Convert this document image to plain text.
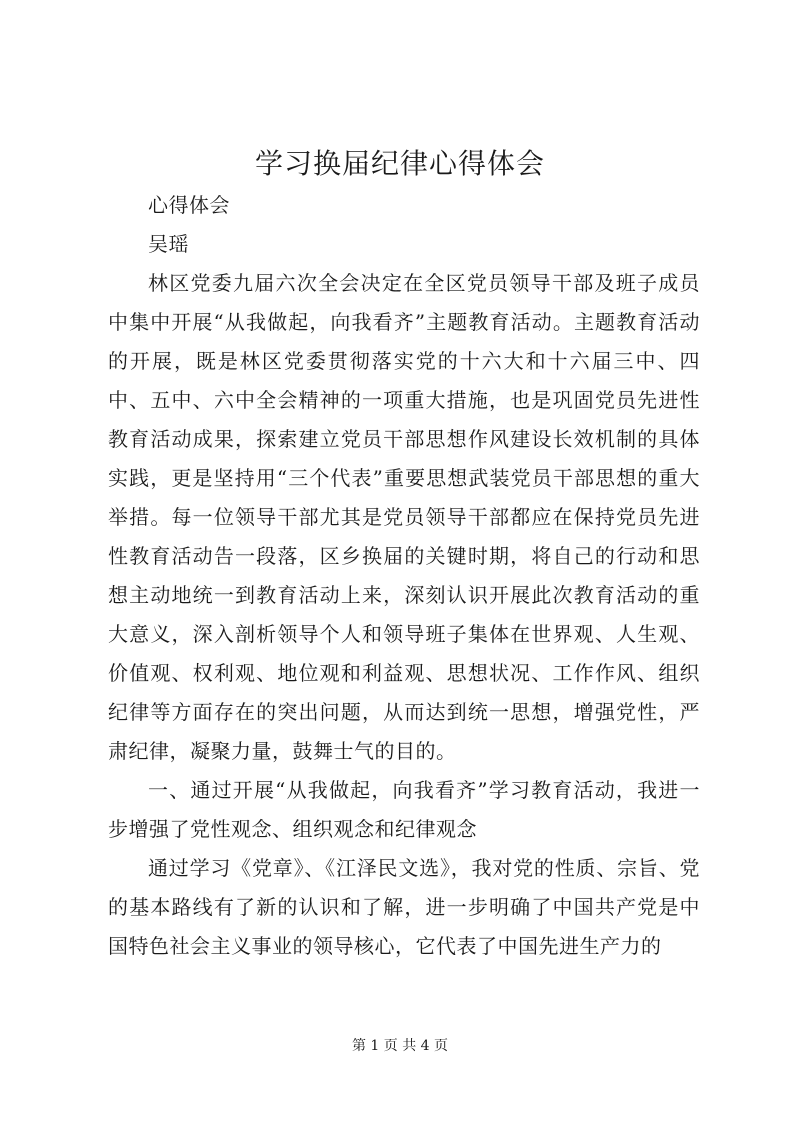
学习换届纪律心得体会

心得体会

吴瑶

林区党委九届六次全会决定在全区党员领导干部及班子成员中集中开展“从我做起，向我看齐”主题教育活动。主题教育活动的开展，既是林区党委贯彻落实党的十六大和十六届三中、四中、五中、六中全会精神的一项重大措施，也是巩固党员先进性教育活动成果，探索建立党员干部思想作风建设长效机制的具体实践，更是坚持用“三个代表”重要思想武装党员干部思想的重大举措。每一位领导干部尤其是党员领导干部都应在保持党员先进性教育活动告一段落，区乡换届的关键时期，将自己的行动和思想主动地统一到教育活动上来，深刻认识开展此次教育活动的重大意义，深入剖析领导个人和领导班子集体在世界观、人生观、价值观、权利观、地位观和利益观、思想状况、工作作风、组织纪律等方面存在的突出问题，从而达到统一思想，增强党性，严肃纪律，凝聚力量，鼓舞士气的目的。

一、通过开展“从我做起，向我看齐”学习教育活动，我进一步增强了党性观念、组织观念和纪律观念

通过学习《党章》、《江泽民文选》，我对党的性质、宗旨、党的基本路线有了新的认识和了解，进一步明确了中国共产党是中国特色社会主义事业的领导核心，它代表了中国先进生产力的

第 1 页 共 4 页
